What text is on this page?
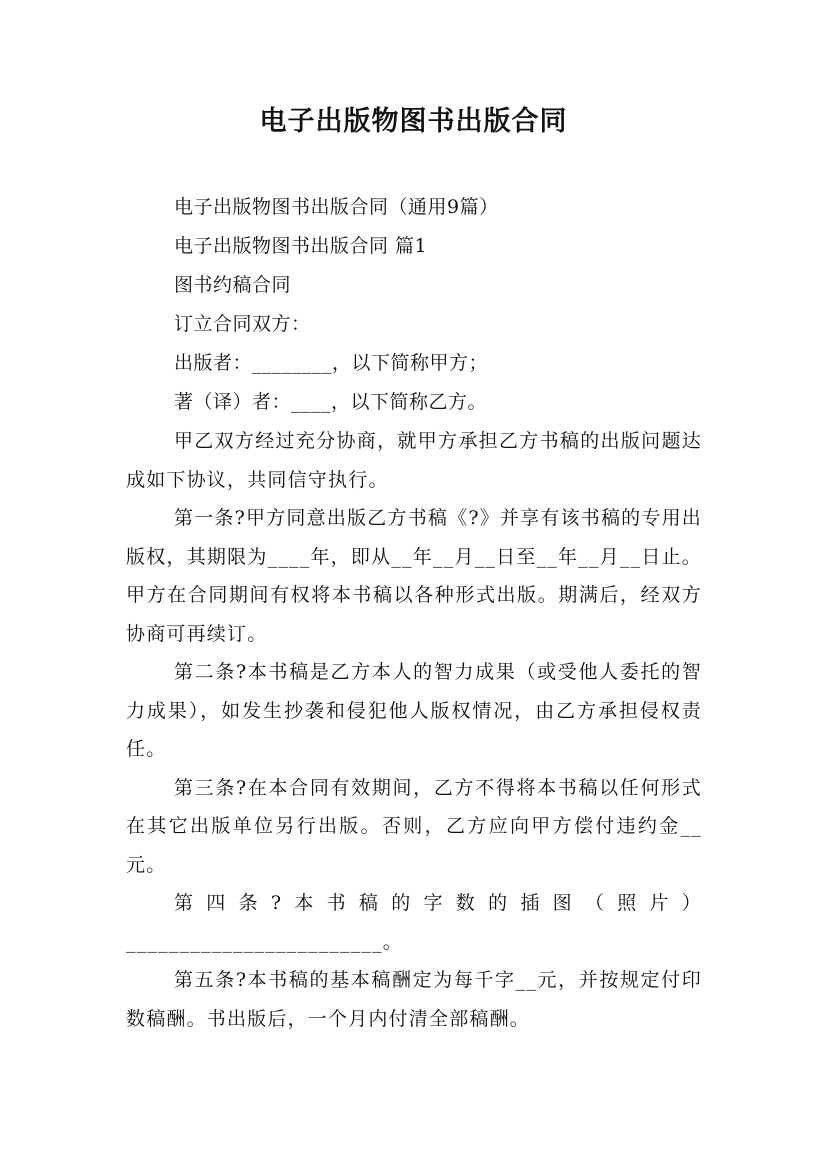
电子出版物图书出版合同
电子出版物图书出版合同（通用9篇）
电子出版物图书出版合同 篇1
图书约稿合同
订立合同双方：
出版者：________，以下简称甲方；
著（译）者：____，以下简称乙方。

甲乙双方经过充分协商，就甲方承担乙方书稿的出版问题达成如下协议，共同信守执行。

第一条?甲方同意出版乙方书稿《?》并享有该书稿的专用出版权，其期限为____年，即从__年__月__日至__年__月__日止。甲方在合同期间有权将本书稿以各种形式出版。期满后，经双方协商可再续订。

第二条?本书稿是乙方本人的智力成果（或受他人委托的智力成果），如发生抄袭和侵犯他人版权情况，由乙方承担侵权责任。

第三条?在本合同有效期间，乙方不得将本书稿以任何形式在其它出版单位另行出版。否则，乙方应向甲方偿付违约金__元。

第四条?本书稿的字数的插图（照片）________________________。

第五条?本书稿的基本稿酬定为每千字__元，并按规定付印数稿酬。书出版后，一个月内付清全部稿酬。
